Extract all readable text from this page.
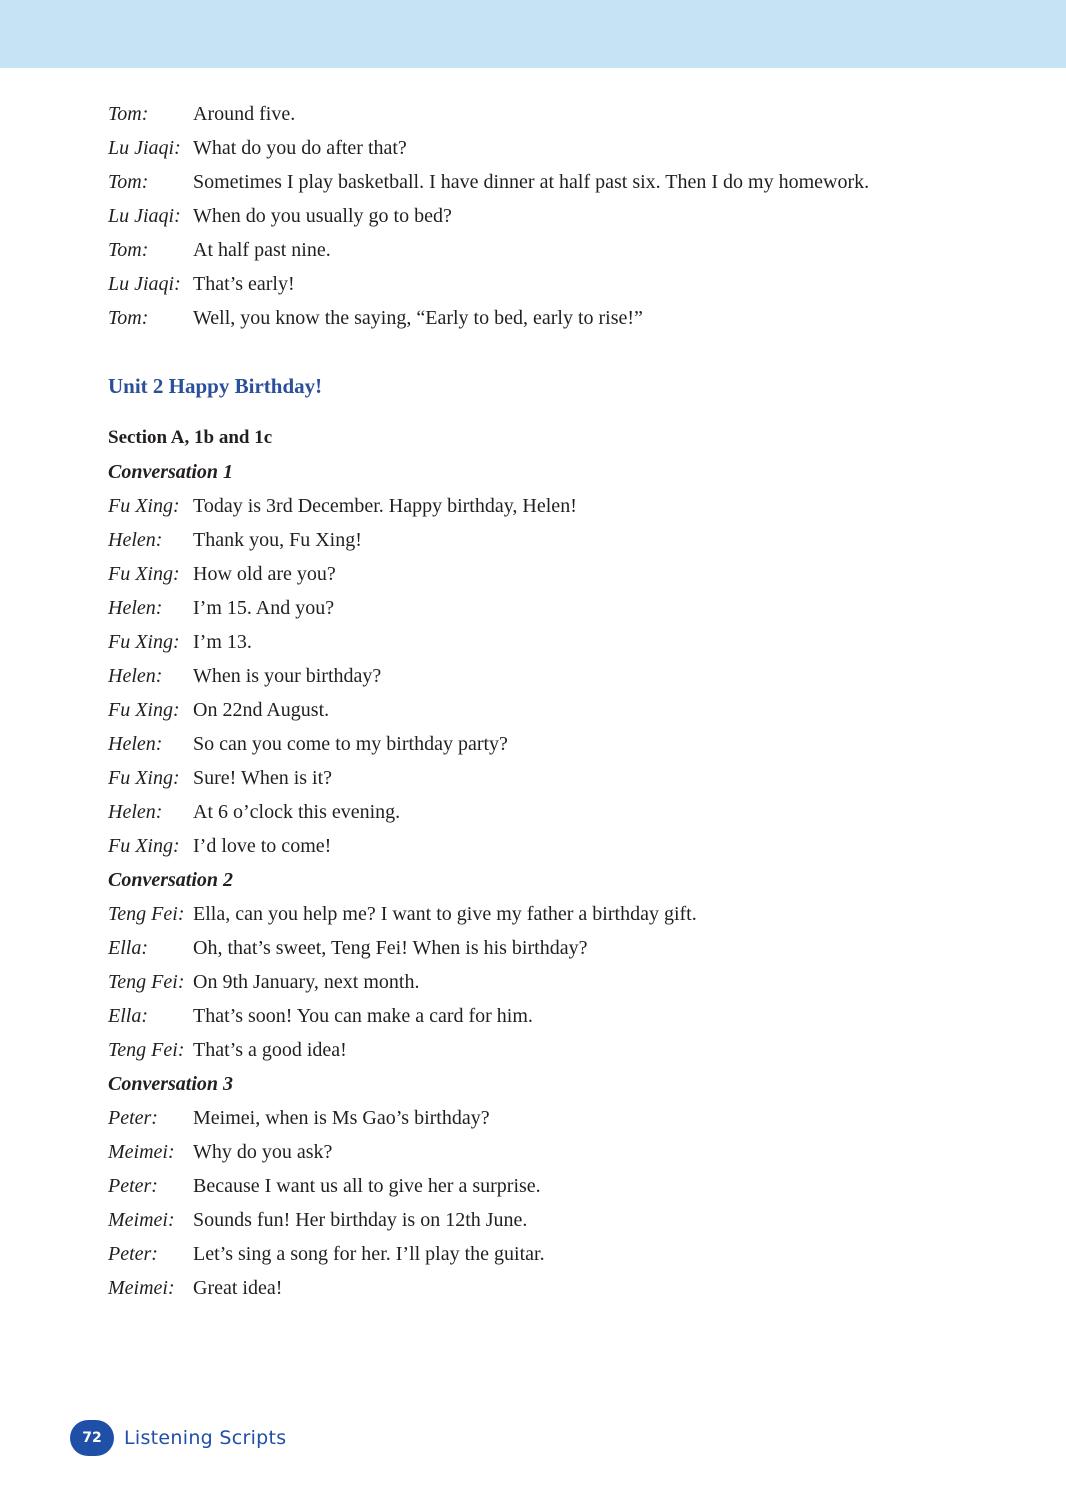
Tom:	Around five.
Lu Jiaqi: What do you do after that?
Tom:	Sometimes I play basketball. I have dinner at half past six. Then I do my homework.
Lu Jiaqi: When do you usually go to bed?
Tom:	At half past nine.
Lu Jiaqi: That’s early!
Tom:	Well, you know the saying, “Early to bed, early to rise!”
Unit 2 Happy Birthday!
Section A, 1b and 1c
Conversation 1
Fu Xing: Today is 3rd December. Happy birthday, Helen!
Helen:	Thank you, Fu Xing!
Fu Xing: How old are you?
Helen:	I’m 15. And you?
Fu Xing: I’m 13.
Helen:	When is your birthday?
Fu Xing: On 22nd August.
Helen:	So can you come to my birthday party?
Fu Xing: Sure! When is it?
Helen:	At 6 o’clock this evening.
Fu Xing: I’d love to come!
Conversation 2
Teng Fei: Ella, can you help me? I want to give my father a birthday gift.
Ella:	Oh, that’s sweet, Teng Fei! When is his birthday?
Teng Fei: On 9th January, next month.
Ella:	That’s soon! You can make a card for him.
Teng Fei: That’s a good idea!
Conversation 3
Peter:	Meimei, when is Ms Gao’s birthday?
Meimei: Why do you ask?
Peter:	Because I want us all to give her a surprise.
Meimei: Sounds fun! Her birthday is on 12th June.
Peter:	Let’s sing a song for her. I’ll play the guitar.
Meimei: Great idea!
72	Listening Scripts
